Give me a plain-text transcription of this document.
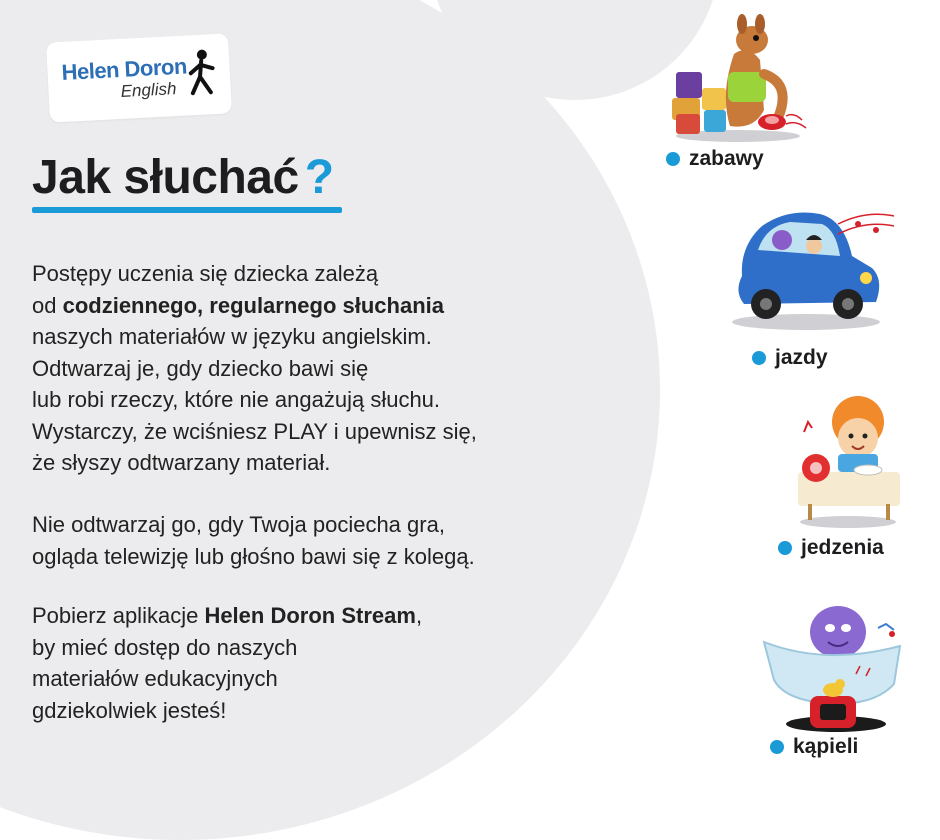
Helen Doron
English
Jak słuchać ?

Postępy uczenia się dziecka zależą

od codziennego, regularnego słuchania

naszych materiałów w języku angielskim.

Odtwarzaj je, gdy dziecko bawi się

lub robi rzeczy, które nie angażują słuchu.

Wystarczy, że wciśniesz PLAY i upewnisz się,

że słyszy odtwarzany materiał.

Nie odtwarzaj go, gdy Twoja pociecha gra,

ogląda telewizję lub głośno bawi się z kolegą.

Pobierz aplikacje Helen Doron Stream,

by mieć dostęp do naszych

materiałów edukacyjnych

gdziekolwiek jesteś!

zabawy
jazdy
jedzenia
kąpieli
